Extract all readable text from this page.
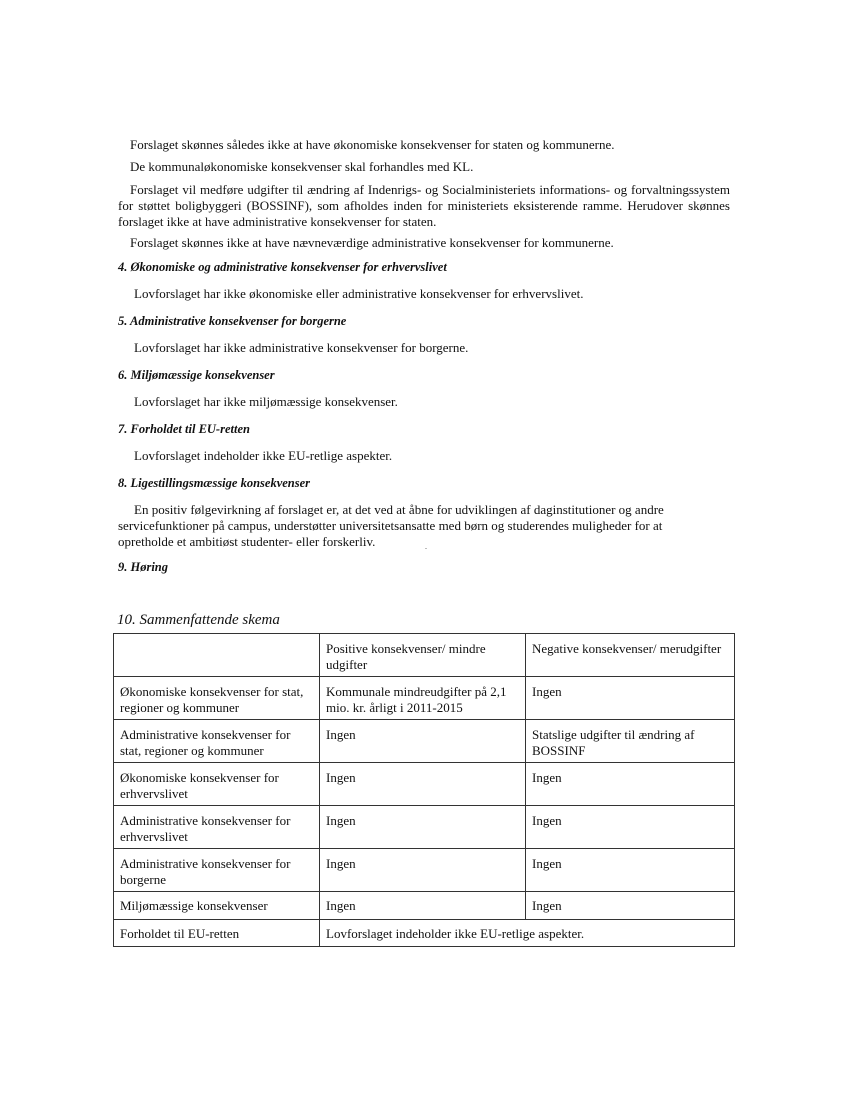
Forslaget skønnes således ikke at have økonomiske konsekvenser for staten og kommunerne.
De kommunaløkonomiske konsekvenser skal forhandles med KL.
Forslaget vil medføre udgifter til ændring af Indenrigs- og Socialministeriets informations- og forvaltningssystem for støttet boligbyggeri (BOSSINF), som afholdes inden for ministeriets eksisterende ramme. Herudover skønnes forslaget ikke at have administrative konsekvenser for staten.
Forslaget skønnes ikke at have nævneværdige administrative konsekvenser for kommunerne.
4. Økonomiske og administrative konsekvenser for erhvervslivet
Lovforslaget har ikke økonomiske eller administrative konsekvenser for erhvervslivet.
5. Administrative konsekvenser for borgerne
Lovforslaget har ikke administrative konsekvenser for borgerne.
6. Miljømæssige konsekvenser
Lovforslaget har ikke miljømæssige konsekvenser.
7. Forholdet til EU-retten
Lovforslaget indeholder ikke EU-retlige aspekter.
8. Ligestillingsmæssige konsekvenser
En positiv følgevirkning af forslaget er, at det ved at åbne for udviklingen af daginstitutioner og andre servicefunktioner på campus, understøtter universitetsansatte med børn og studerendes muligheder for at opretholde et ambitiøst studenter- eller forskerliv.
9. Høring
10. Sammenfattende skema
	Positive konsekvenser/ mindre udgifter	Negative konsekvenser/ merudgifter
Økonomiske konsekvenser for stat, regioner og kommuner	Kommunale mindreudgifter på 2,1 mio. kr. årligt i 2011-2015	Ingen
Administrative konsekvenser for stat, regioner og kommuner	Ingen	Statslige udgifter til ændring af BOSSINF
Økonomiske konsekvenser for erhvervslivet	Ingen	Ingen
Administrative konsekvenser for erhvervslivet	Ingen	Ingen
Administrative konsekvenser for borgerne	Ingen	Ingen
Miljømæssige konsekvenser	Ingen	Ingen
Forholdet til EU-retten	Lovforslaget indeholder ikke EU-retlige aspekter.	
